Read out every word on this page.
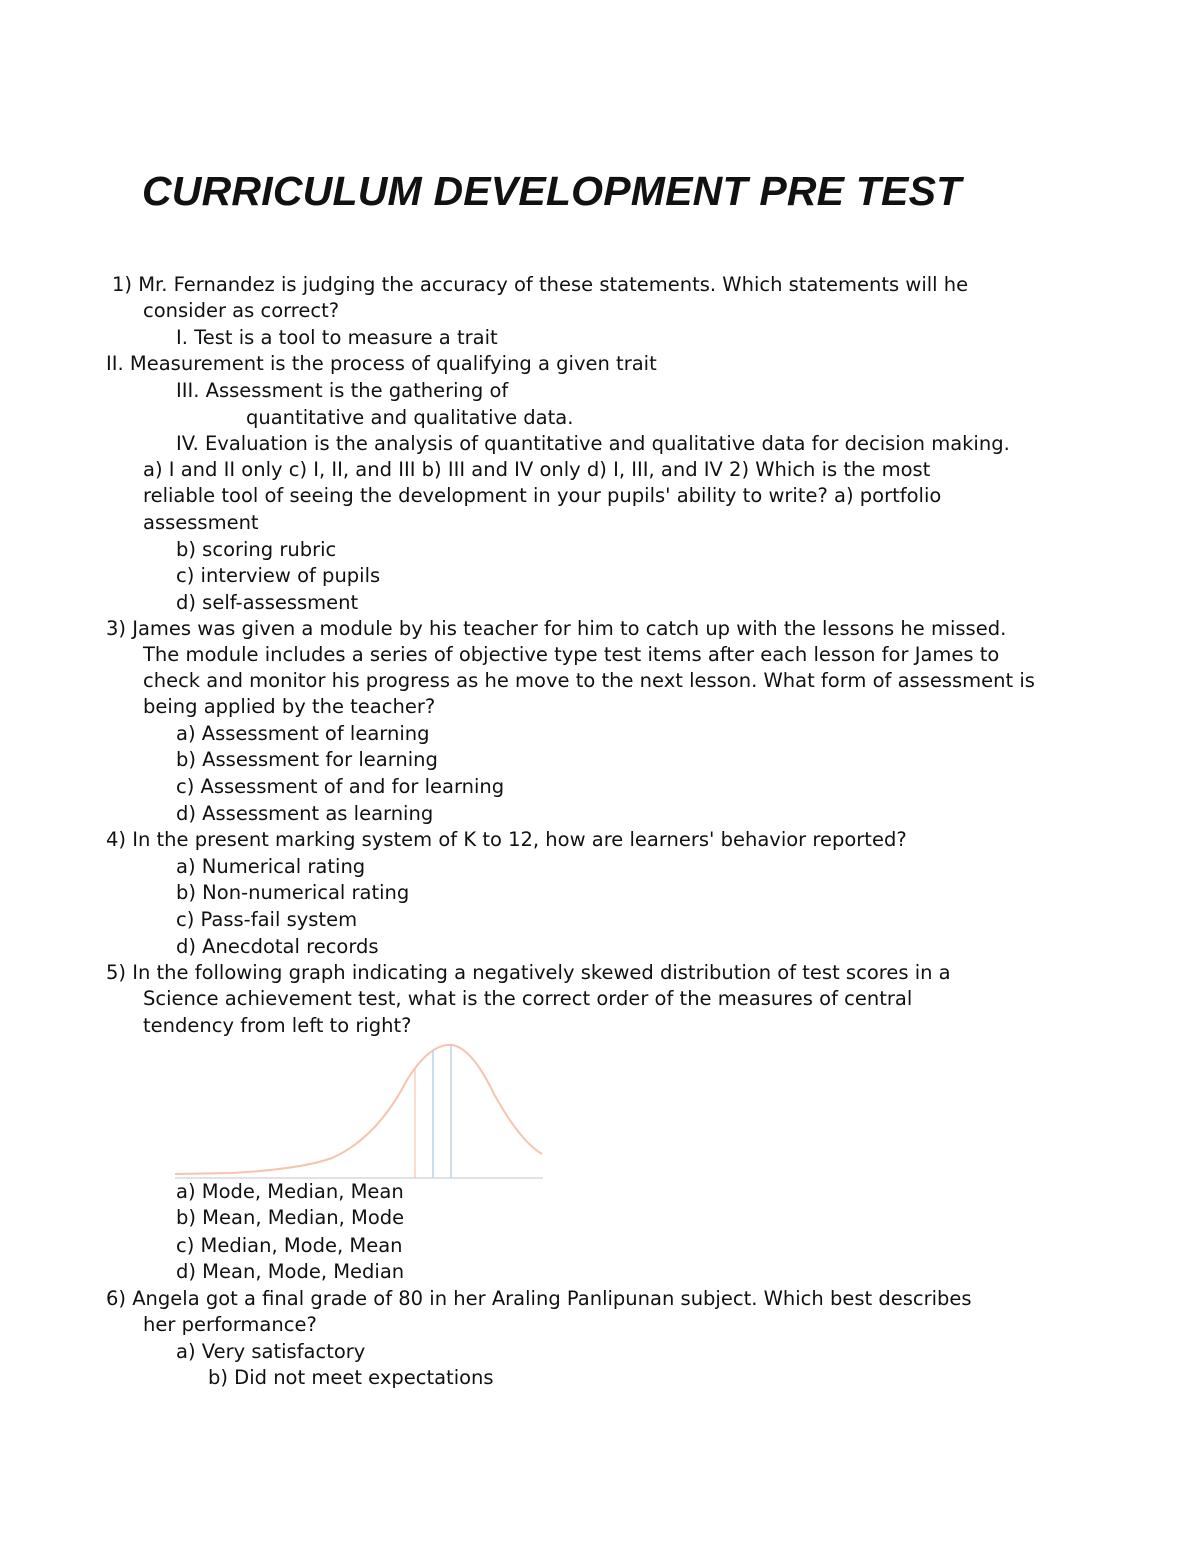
CURRICULUM DEVELOPMENT PRE TEST

1) Mr. Fernandez is judging the accuracy of these statements. Which statements will he

consider as correct?

I. Test is a tool to measure a trait

II. Measurement is the process of qualifying a given trait

III. Assessment is the gathering of

quantitative and qualitative data.

IV. Evaluation is the analysis of quantitative and qualitative data for decision making.

a) I and II only c) I, II, and III b) III and IV only d) I, III, and IV 2) Which is the most

reliable tool of seeing the development in your pupils' ability to write? a) portfolio

assessment

b) scoring rubric

c) interview of pupils

d) self-assessment

3) James was given a module by his teacher for him to catch up with the lessons he missed.

The module includes a series of objective type test items after each lesson for James to

check and monitor his progress as he move to the next lesson. What form of assessment is

being applied by the teacher?

a) Assessment of learning

b) Assessment for learning

c) Assessment of and for learning

d) Assessment as learning

4) In the present marking system of K to 12, how are learners' behavior reported?

a) Numerical rating

b) Non-numerical rating

c) Pass-fail system

d) Anecdotal records

5) In the following graph indicating a negatively skewed distribution of test scores in a

Science achievement test, what is the correct order of the measures of central

tendency from left to right?

a) Mode, Median, Mean

b) Mean, Median, Mode

c) Median, Mode, Mean

d) Mean, Mode, Median

6) Angela got a final grade of 80 in her Araling Panlipunan subject. Which best describes

her performance?

a) Very satisfactory

b) Did not meet expectations
